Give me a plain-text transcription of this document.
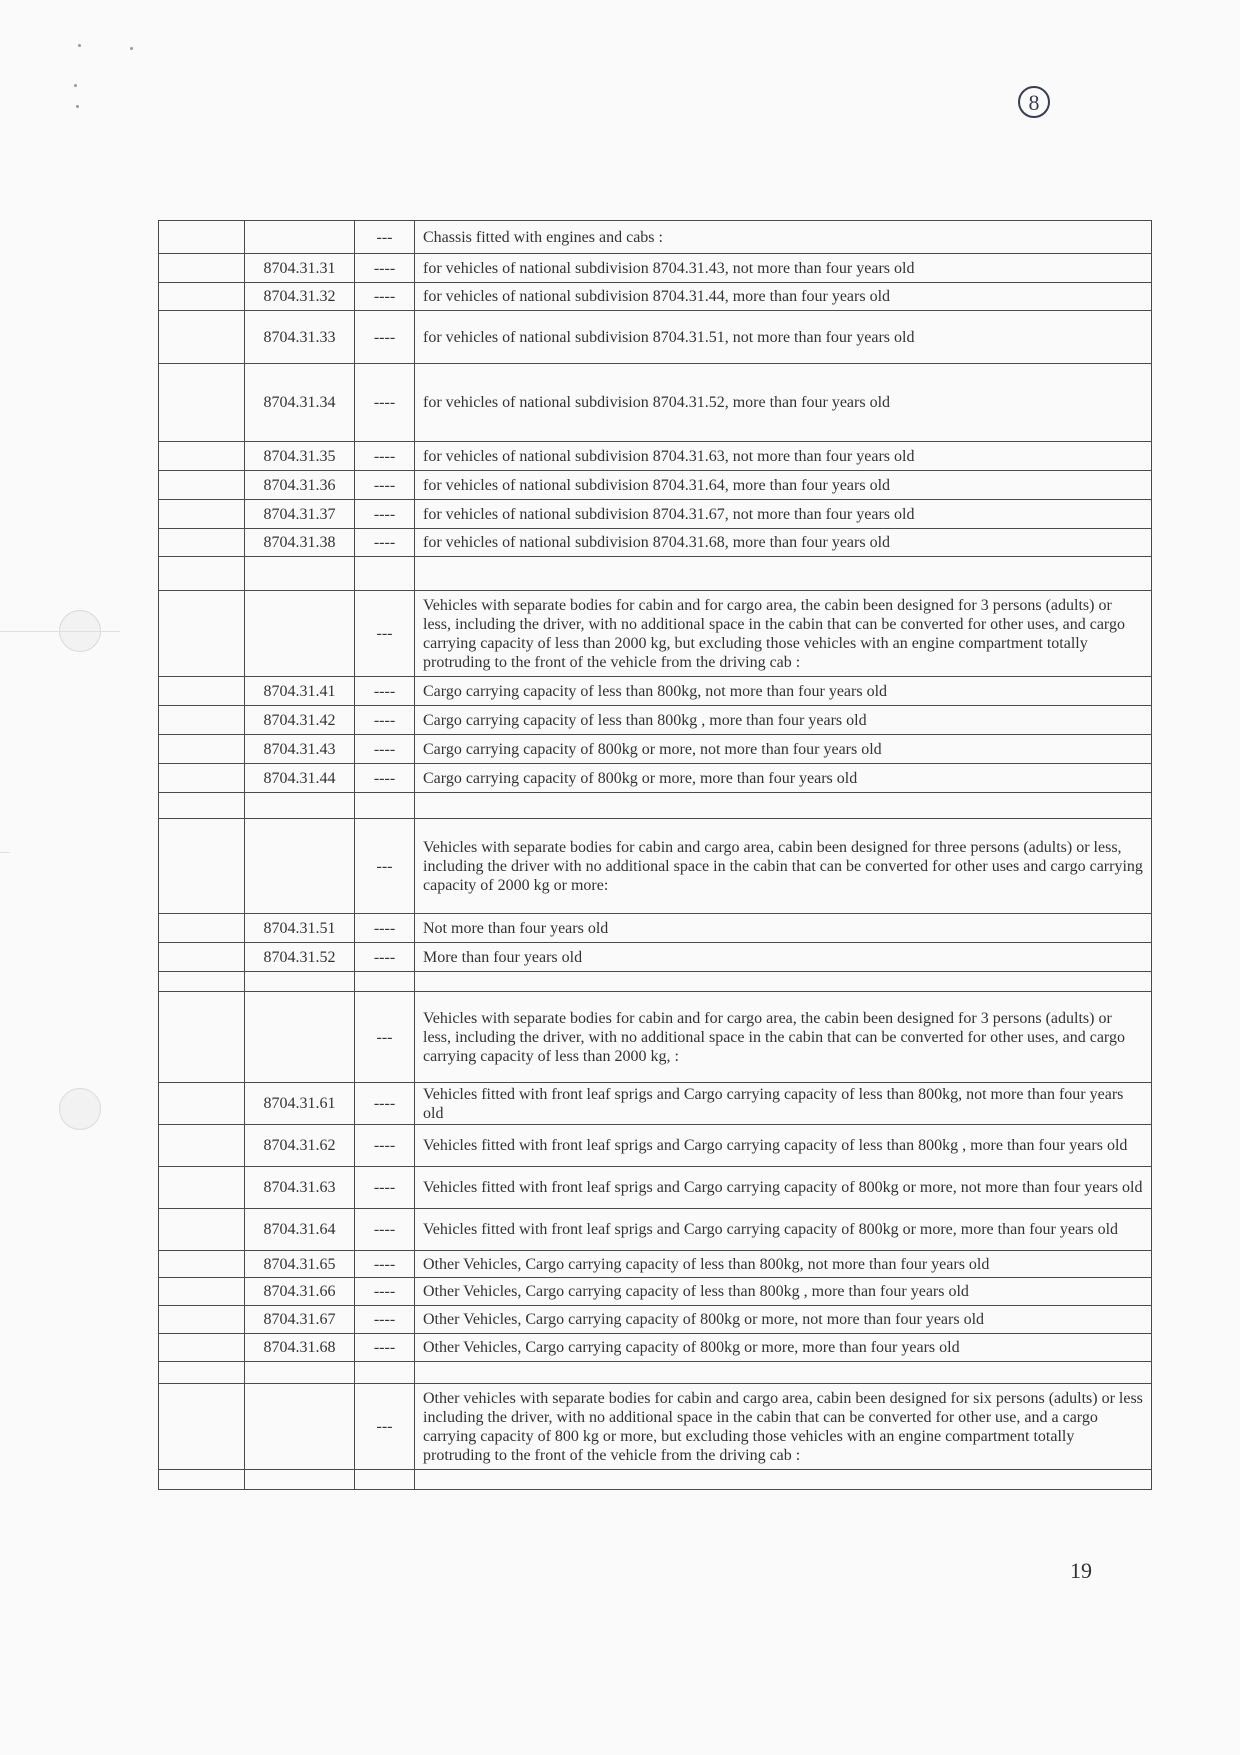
8
		---	Chassis fitted with engines and cabs :
	8704.31.31	----	for vehicles of national subdivision 8704.31.43, not more than four years old
	8704.31.32	----	for vehicles of national subdivision 8704.31.44, more than four years old
	8704.31.33	----	for vehicles of national subdivision 8704.31.51, not more than four years old
	8704.31.34	----	for vehicles of national subdivision 8704.31.52, more than four years old
	8704.31.35	----	for vehicles of national subdivision 8704.31.63, not more than four years old
	8704.31.36	----	for vehicles of national subdivision 8704.31.64, more than four years old
	8704.31.37	----	for vehicles of national subdivision 8704.31.67, not more than four years old
	8704.31.38	----	for vehicles of national subdivision 8704.31.68, more than four years old

		---	Vehicles with separate bodies for cabin and for cargo area, the cabin been designed for 3 persons (adults) or less, including the driver, with no additional space in the cabin that can be converted for other uses, and cargo carrying capacity of less than 2000 kg, but excluding those vehicles with an engine compartment totally protruding to the front of the vehicle from the driving cab :
	8704.31.41	----	Cargo carrying capacity of less than 800kg, not more than four years old
	8704.31.42	----	Cargo carrying capacity of less than 800kg , more than four years old
	8704.31.43	----	Cargo carrying capacity of 800kg or more, not more than four years old
	8704.31.44	----	Cargo carrying capacity of 800kg or more, more than four years old

		---	Vehicles with separate bodies for cabin and cargo area, cabin been designed for three persons (adults) or less, including the driver with no additional space in the cabin that can be converted for other uses and cargo carrying capacity of 2000 kg or more:
	8704.31.51	----	Not more than four years old
	8704.31.52	----	More than four years old

		---	Vehicles with separate bodies for cabin and for cargo area, the cabin been designed for 3 persons (adults) or less, including the driver, with no additional space in the cabin that can be converted for other uses, and cargo carrying capacity of less than 2000 kg, :
	8704.31.61	----	Vehicles fitted with front leaf sprigs and Cargo carrying capacity of less than 800kg, not more than four years old
	8704.31.62	----	Vehicles fitted with front leaf sprigs and Cargo carrying capacity of less than 800kg , more than four years old
	8704.31.63	----	Vehicles fitted with front leaf sprigs and Cargo carrying capacity of 800kg or more, not more than four years old
	8704.31.64	----	Vehicles fitted with front leaf sprigs and Cargo carrying capacity of 800kg or more, more than four years old
	8704.31.65	----	Other Vehicles, Cargo carrying capacity of less than 800kg, not more than four years old
	8704.31.66	----	Other Vehicles, Cargo carrying capacity of less than 800kg , more than four years old
	8704.31.67	----	Other Vehicles, Cargo carrying capacity of 800kg or more, not more than four years old
	8704.31.68	----	Other Vehicles, Cargo carrying capacity of 800kg or more, more than four years old

		---	Other vehicles with separate bodies for cabin and cargo area, cabin been designed for six persons (adults) or less including the driver, with no additional space in the cabin that can be converted for other use, and a cargo carrying capacity of 800 kg or more, but excluding those vehicles with an engine compartment totally protruding to the front of the vehicle from the driving cab :

19
